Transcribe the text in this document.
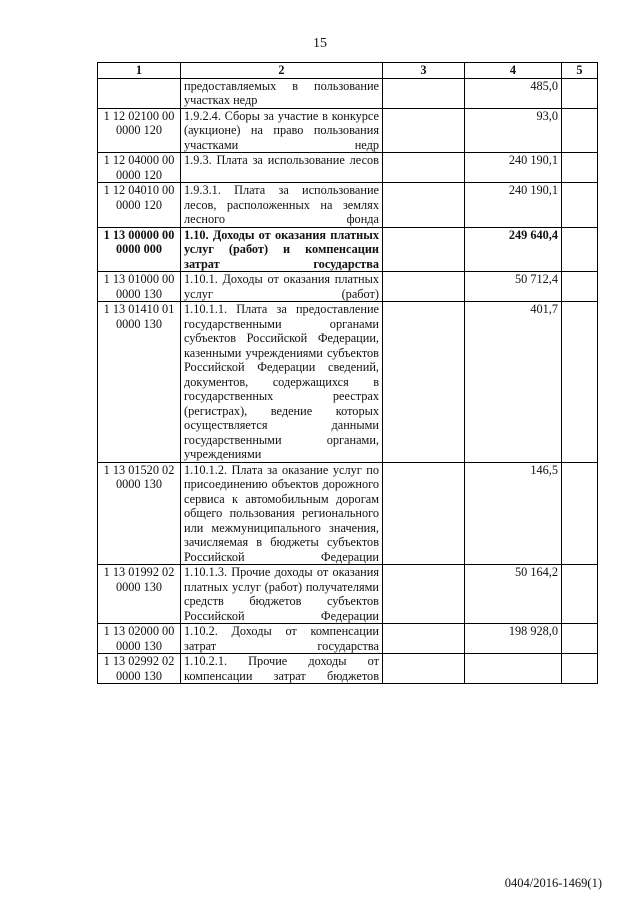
15
1	2	3	4	5
	предоставляемых в пользование участках недр		485,0	
1 12 02100 00 0000 120	1.9.2.4. Сборы за участие в конкурсе (аукционе) на право пользования участками недр		93,0	
1 12 04000 00 0000 120	1.9.3. Плата за использование лесов		240 190,1	
1 12 04010 00 0000 120	1.9.3.1. Плата за использование лесов, расположенных на землях лесного фонда		240 190,1	
1 13 00000 00 0000 000	1.10. Доходы от оказания платных услуг (работ) и компенсации затрат государства		249 640,4	
1 13 01000 00 0000 130	1.10.1. Доходы от оказания платных услуг (работ)		50 712,4	
1 13 01410 01 0000 130	1.10.1.1. Плата за предоставление государственными органами субъектов Российской Федерации, казенными учреждениями субъектов Российской Федерации сведений, документов, содержащихся в государственных реестрах (регистрах), ведение которых осуществляется данными государственными органами, учреждениями		401,7	
1 13 01520 02 0000 130	1.10.1.2. Плата за оказание услуг по присоединению объектов дорожного сервиса к автомобильным дорогам общего пользования регионального или межмуниципального значения, зачисляемая в бюджеты субъектов Российской Федерации		146,5	
1 13 01992 02 0000 130	1.10.1.3. Прочие доходы от оказания платных услуг (работ) получателями средств бюджетов субъектов Российской Федерации		50 164,2	
1 13 02000 00 0000 130	1.10.2. Доходы от компенсации затрат государства		198 928,0	
1 13 02992 02 0000 130	1.10.2.1. Прочие доходы от компенсации затрат бюджетов			
0404/2016-1469(1)
